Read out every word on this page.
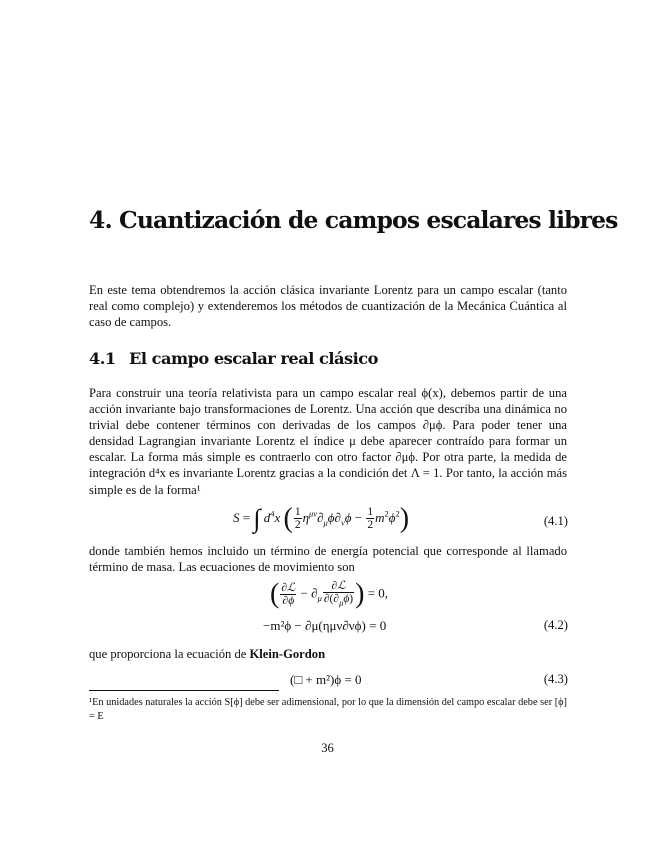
4. Cuantización de campos escalares libres

En este tema obtendremos la acción clásica invariante Lorentz para un campo escalar (tanto real como complejo) y extenderemos los métodos de cuantización de la Mecánica Cuántica al caso de campos.

4.1 El campo escalar real clásico

Para construir una teoría relativista para un campo escalar real ϕ(x), debemos partir de una acción invariante bajo transformaciones de Lorentz. Una acción que describa una dinámica no trivial debe contener términos con derivadas de los campos ∂μϕ. Para poder tener una densidad Lagrangian invariante Lorentz el índice μ debe aparecer contraído para formar un escalar. La forma más simple es contraerlo con otro factor ∂μϕ. Por otra parte, la medida de integración d⁴x es invariante Lorentz gracias a la condición det Λ = 1. Por tanto, la acción más simple es de la forma¹

S = ∫ $d^4x$ ( $\frac{1}{2} \eta^{\mu\nu}\partial_\mu\phi\partial_\nu\phi - \frac{1}{2} m^2\phi^2$)	(4.1)

donde también hemos incluido un término de energía potencial que corresponde al llamado término de masa. Las ecuaciones de movimiento son

( $\frac{\text{∂ℒ}}{\partial\phi} - \partial_\mu \frac{\text{∂ℒ}}{\partial(\partial_\mu\phi)}$ ) = 0,
−m²ϕ − ∂μ(ημν∂νϕ) = 0	(4.2)

que proporciona la ecuación de Klein-Gordon

(□ + m²)ϕ = 0	(4.3)
¹En unidades naturales la acción S[ϕ] debe ser adimensional, por lo que la dimensión del campo escalar debe ser [ϕ] = E
36
